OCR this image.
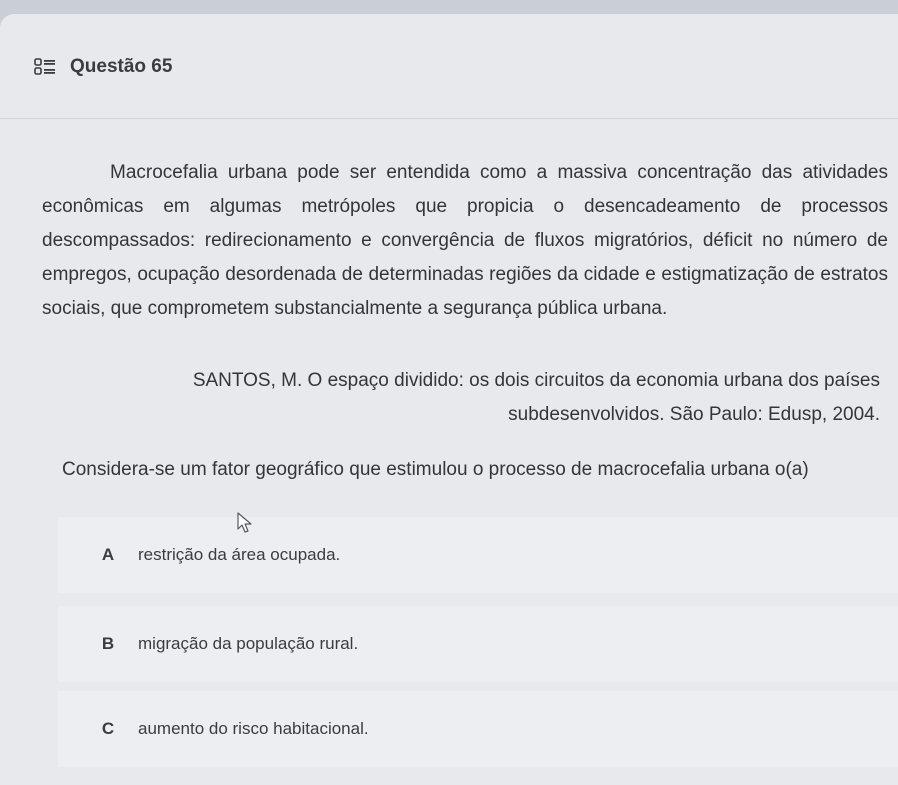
Questão 65
Macrocefalia urbana pode ser entendida como a massiva concentração das atividades econômicas em algumas metrópoles que propicia o desencadeamento de processos descompassados: redirecionamento e convergência de fluxos migratórios, déficit no número de empregos, ocupação desordenada de determinadas regiões da cidade e estigmatização de estratos sociais, que comprometem substancialmente a segurança pública urbana.
SANTOS, M. O espaço dividido: os dois circuitos da economia urbana dos países
subdesenvolvidos. São Paulo: Edusp, 2004.
Considera-se um fator geográfico que estimulou o processo de macrocefalia urbana o(a)
A	restrição da área ocupada.
B	migração da população rural.
C	aumento do risco habitacional.
